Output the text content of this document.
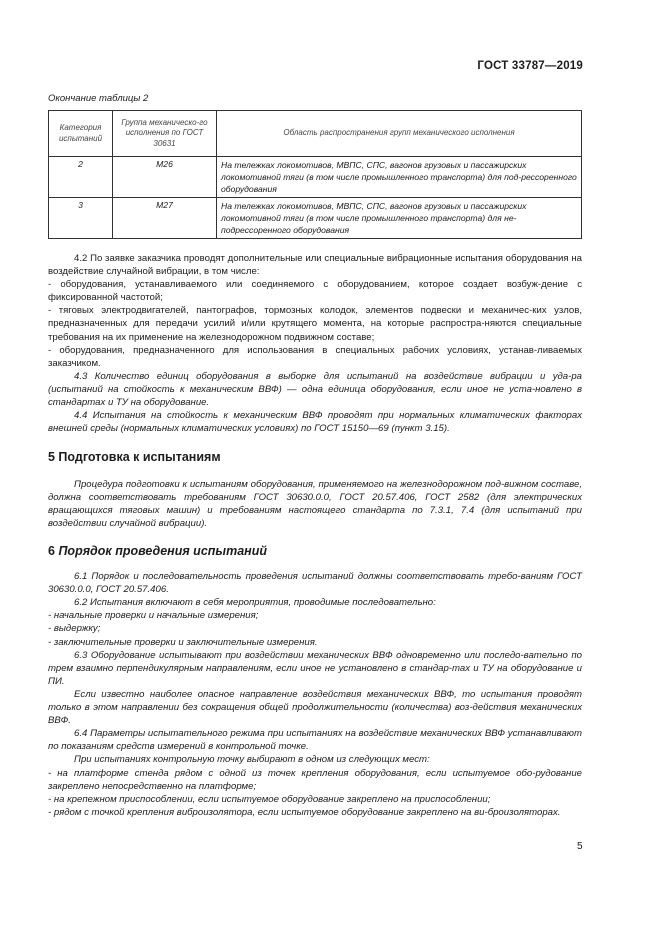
ГОСТ 33787—2019
Окончание таблицы 2
Категория испытаний	Группа механическо-го исполнения по ГОСТ 30631	Область распространения групп механического исполнения
2	M26	На тележках локомотивов, МВПС, СПС, вагонов грузовых и пассажирских локомотивной тяги (в том числе промышленного транспорта) для под-рессоренного оборудования
3	M27	На тележках локомотивов, МВПС, СПС, вагонов грузовых и пассажирских локомотивной тяги (в том числе промышленного транспорта) для не-подрессоренного оборудования

4.2 По заявке заказчика проводят дополнительные или специальные вибрационные испытания оборудования на воздействие случайной вибрации, в том числе:

- оборудования, устанавливаемого или соединяемого с оборудованием, которое создает возбуж-дение с фиксированной частотой;

- тяговых электродвигателей, пантографов, тормозных колодок, элементов подвески и механичес-ких узлов, предназначенных для передачи усилий и/или крутящего момента, на которые распростра-няются специальные требования на их применение на железнодорожном подвижном составе;

- оборудования, предназначенного для использования в специальных рабочих условиях, устанав-ливаемых заказчиком.

4.3 Количество единиц оборудования в выборке для испытаний на воздействие вибрации и уда-ра (испытаний на стойкость к механическим ВВФ) — одна единица оборудования, если иное не уста-новлено в стандартах и ТУ на оборудование.

4.4 Испытания на стойкость к механическим ВВФ проводят при нормальных климатических факторах внешней среды (нормальных климатических условиях) по ГОСТ 15150—69 (пункт 3.15).

5 Подготовка к испытаниям

Процедура подготовки к испытаниям оборудования, применяемого на железнодорожном под-вижном составе, должна соответствовать требованиям ГОСТ 30630.0.0, ГОСТ 20.57.406, ГОСТ 2582 (для электрических вращающихся тяговых машин) и требованиям настоящего стандарта по 7.3.1, 7.4 (для испытаний при воздействии случайной вибрации).

6 Порядок проведения испытаний

6.1 Порядок и последовательность проведения испытаний должны соответствовать требо-ваниям ГОСТ 30630.0.0, ГОСТ 20.57.406.

6.2 Испытания включают в себя мероприятия, проводимые последовательно:

- начальные проверки и начальные измерения;

- выдержку;

- заключительные проверки и заключительные измерения.

6.3 Оборудование испытывают при воздействии механических ВВФ одновременно или последо-вательно по трем взаимно перпендикулярным направлениям, если иное не установлено в стандар-тах и ТУ на оборудование и ПИ.

Если известно наиболее опасное направление воздействия механических ВВФ, то испытания проводят только в этом направлении без сокращения общей продолжительности (количества) воз-действия механических ВВФ.

6.4 Параметры испытательного режима при испытаниях на воздействие механических ВВФ устанавливают по показаниям средств измерений в контрольной точке.

При испытаниях контрольную точку выбирают в одном из следующих мест:

- на платформе стенда рядом с одной из точек крепления оборудования, если испытуемое обо-рудование закреплено непосредственно на платформе;

- на крепежном приспособлении, если испытуемое оборудование закреплено на приспособлении;

- рядом с точкой крепления виброизолятора, если испытуемое оборудование закреплено на ви-броизоляторах.

5
